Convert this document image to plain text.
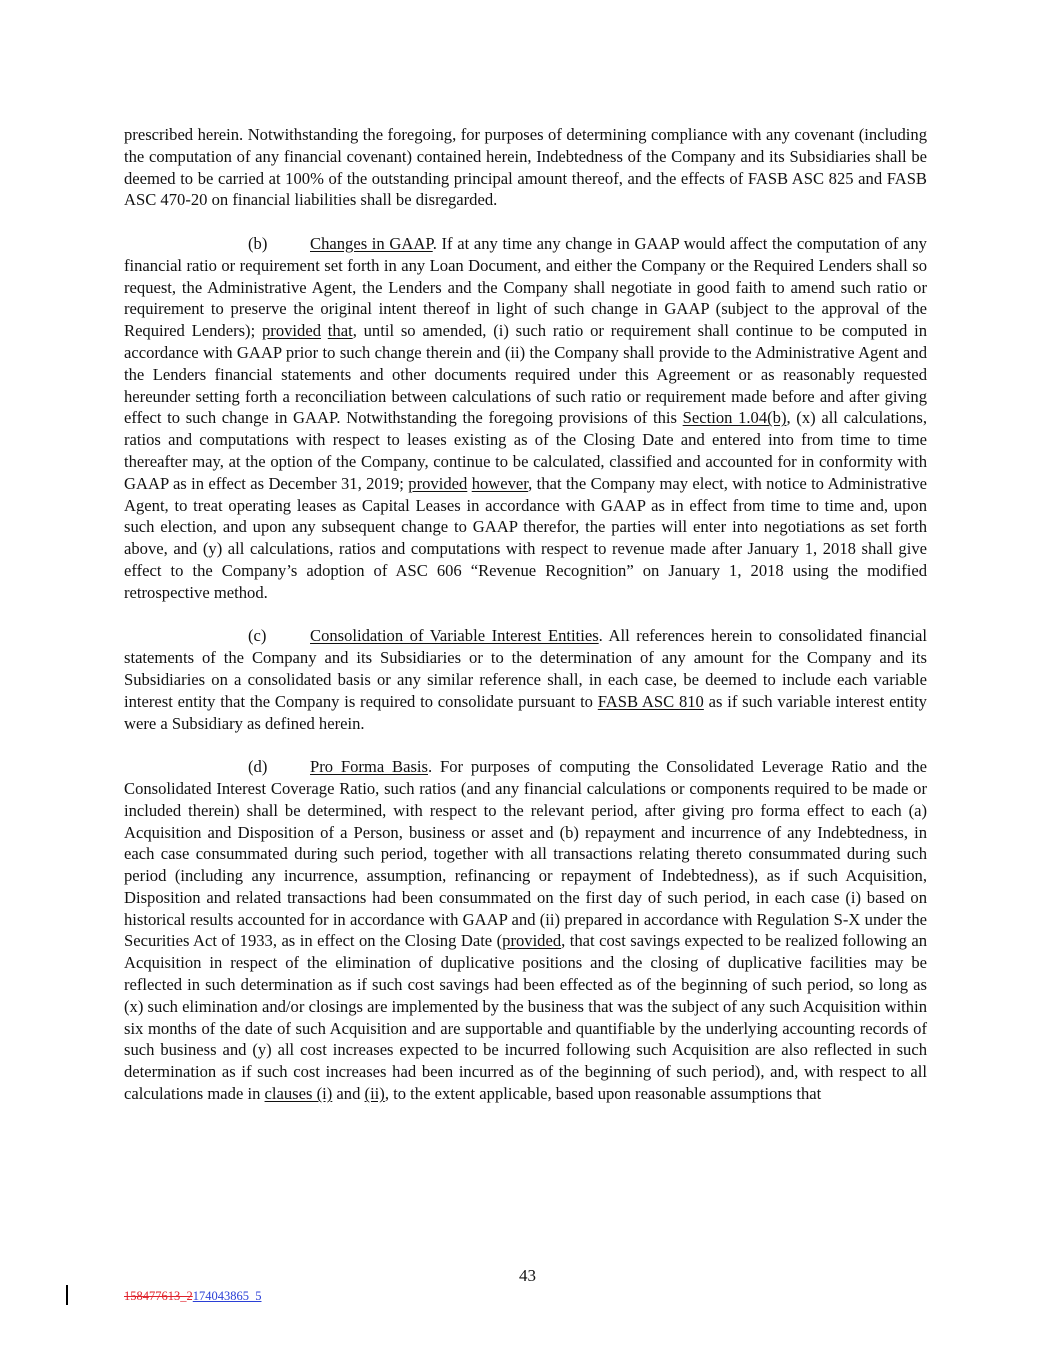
prescribed herein. Notwithstanding the foregoing, for purposes of determining compliance with any covenant (including the computation of any financial covenant) contained herein, Indebtedness of the Company and its Subsidiaries shall be deemed to be carried at 100% of the outstanding principal amount thereof, and the effects of FASB ASC 825 and FASB ASC 470-20 on financial liabilities shall be disregarded.

(b)	Changes in GAAP. If at any time any change in GAAP would affect the computation of any financial ratio or requirement set forth in any Loan Document, and either the Company or the Required Lenders shall so request, the Administrative Agent, the Lenders and the Company shall negotiate in good faith to amend such ratio or requirement to preserve the original intent thereof in light of such change in GAAP (subject to the approval of the Required Lenders); provided that, until so amended, (i) such ratio or requirement shall continue to be computed in accordance with GAAP prior to such change therein and (ii) the Company shall provide to the Administrative Agent and the Lenders financial statements and other documents required under this Agreement or as reasonably requested hereunder setting forth a reconciliation between calculations of such ratio or requirement made before and after giving effect to such change in GAAP. Notwithstanding the foregoing provisions of this Section 1.04(b), (x) all calculations, ratios and computations with respect to leases existing as of the Closing Date and entered into from time to time thereafter may, at the option of the Company, continue to be calculated, classified and accounted for in conformity with GAAP as in effect as December 31, 2019; provided however, that the Company may elect, with notice to Administrative Agent, to treat operating leases as Capital Leases in accordance with GAAP as in effect from time to time and, upon such election, and upon any subsequent change to GAAP therefor, the parties will enter into negotiations as set forth above, and (y) all calculations, ratios and computations with respect to revenue made after January 1, 2018 shall give effect to the Company’s adoption of ASC 606 “Revenue Recognition” on January 1, 2018 using the modified retrospective method.

(c)	Consolidation of Variable Interest Entities. All references herein to consolidated financial statements of the Company and its Subsidiaries or to the determination of any amount for the Company and its Subsidiaries on a consolidated basis or any similar reference shall, in each case, be deemed to include each variable interest entity that the Company is required to consolidate pursuant to FASB ASC 810 as if such variable interest entity were a Subsidiary as defined herein.

(d)	Pro Forma Basis. For purposes of computing the Consolidated Leverage Ratio and the Consolidated Interest Coverage Ratio, such ratios (and any financial calculations or components required to be made or included therein) shall be determined, with respect to the relevant period, after giving pro forma effect to each (a) Acquisition and Disposition of a Person, business or asset and (b) repayment and incurrence of any Indebtedness, in each case consummated during such period, together with all transactions relating thereto consummated during such period (including any incurrence, assumption, refinancing or repayment of Indebtedness), as if such Acquisition, Disposition and related transactions had been consummated on the first day of such period, in each case (i) based on historical results accounted for in accordance with GAAP and (ii) prepared in accordance with Regulation S-X under the Securities Act of 1933, as in effect on the Closing Date (provided, that cost savings expected to be realized following an Acquisition in respect of the elimination of duplicative positions and the closing of duplicative facilities may be reflected in such determination as if such cost savings had been effected as of the beginning of such period, so long as (x) such elimination and/or closings are implemented by the business that was the subject of any such Acquisition within six months of the date of such Acquisition and are supportable and quantifiable by the underlying accounting records of such business and (y) all cost increases expected to be incurred following such Acquisition are also reflected in such determination as if such cost increases had been incurred as of the beginning of such period), and, with respect to all calculations made in clauses (i) and (ii), to the extent applicable, based upon reasonable assumptions that

43
158477613_2174043865_5
